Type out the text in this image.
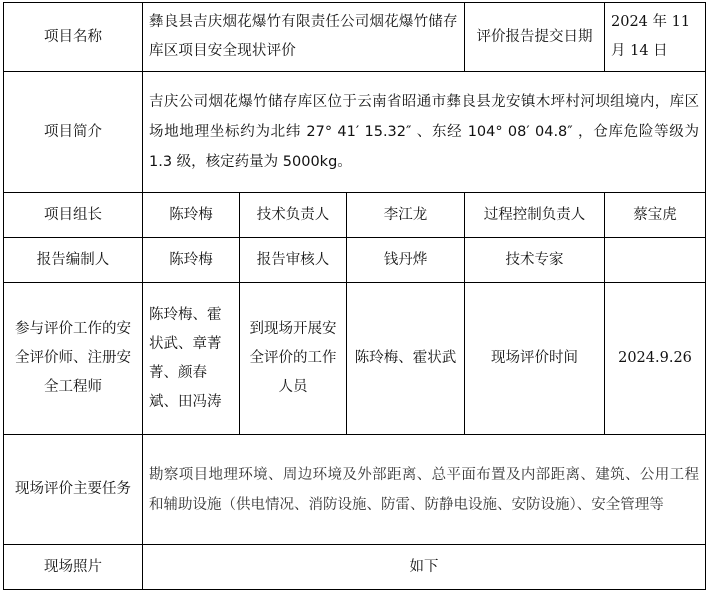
项目名称	彝良县吉庆烟花爆竹有限责任公司烟花爆竹储存库区项目安全现状评价			评价报告提交日期	2024 年 11 月 14 日
项目简介	吉庆公司烟花爆竹储存库区位于云南省昭通市彝良县龙安镇木坪村河坝组境内，库区场地地理坐标约为北纬 27° 41′ 15.32″ 、东经 104° 08′ 04.8″ ，仓库危险等级为 1.3 级，核定药量为 5000kg。				
项目组长	陈玲梅	技术负责人	李江龙	过程控制负责人	蔡宝虎
报告编制人	陈玲梅	报告审核人	钱丹烨	技术专家	
参与评价工作的安全评价师、注册安全工程师	陈玲梅、霍状武、章菁菁、颜春斌、田冯涛	到现场开展安全评价的工作人员	陈玲梅、霍状武	现场评价时间	2024.9.26
现场评价主要任务	勘察项目地理环境、周边环境及外部距离、总平面布置及内部距离、建筑、公用工程和辅助设施（供电情况、消防设施、防雷、防静电设施、安防设施）、安全管理等				
现场照片	如下				
